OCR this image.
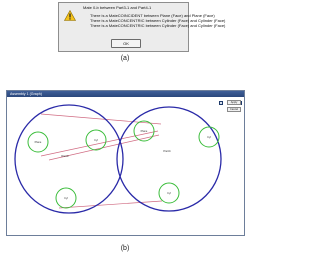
Mate 0-b between Part3-1 and Part4-1
There is a MateCOINCIDENT between Plane (Face) and Plane (Face)
There is a MateCONCENTRIC between Cylinder (Face) and Cylinder (Face)
There is a MateCONCENTRIC between Cylinder (Face) and Cylinder (Face)
OK
(a)
Assembly 1 (Graph)

Part3
Part4
Plane
Cyl
Cyl
Plane
Cyl
Cyl
Apply
Cancel
(b)
